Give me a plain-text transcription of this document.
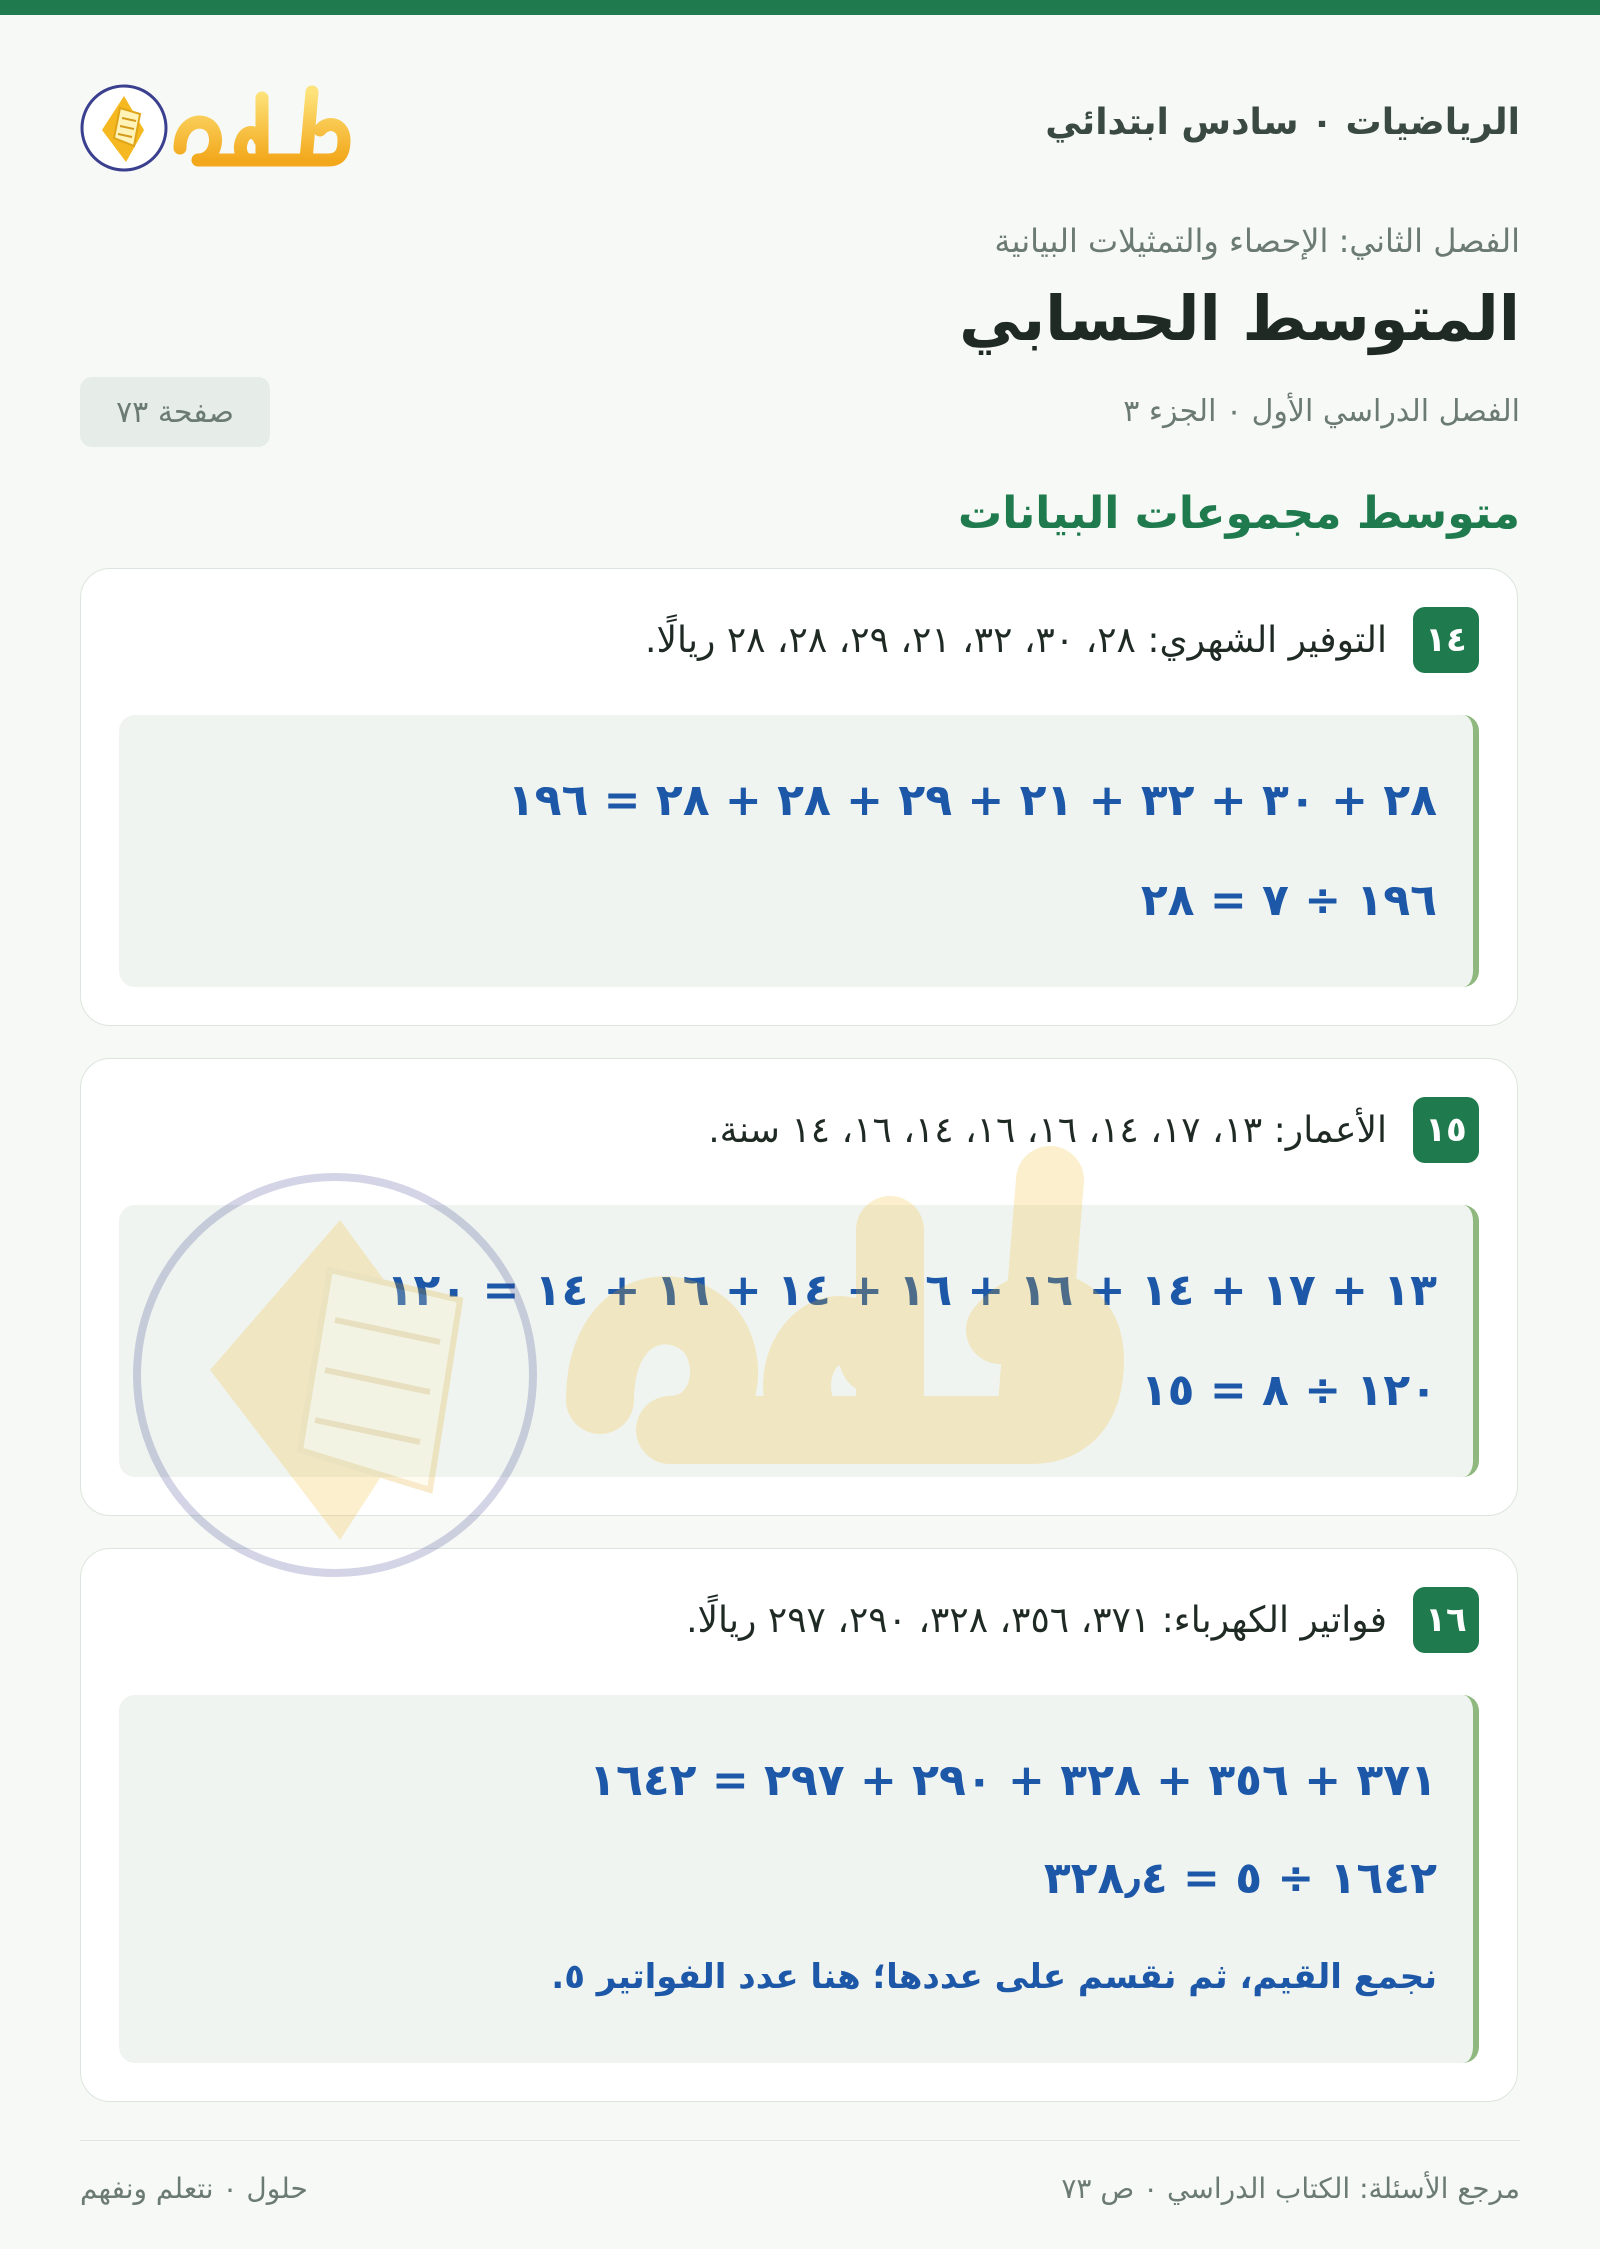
الرياضيات ٠ سادس ابتدائي
الفصل الثاني: الإحصاء والتمثيلات البيانية
المتوسط الحسابي
الفصل الدراسي الأول ٠ الجزء ٣
صفحة ٧٣
متوسط مجموعات البيانات
١٤
التوفير الشهري: ٢٨، ٣٠، ٣٢، ٢١، ٢٩، ٢٨، ٢٨ ريالًا.
٢٨ + ٣٠ + ٣٢ + ٢١ + ٢٩ + ٢٨ + ٢٨ = ١٩٦
١٩٦ ÷ ٧ = ٢٨
١٥
الأعمار: ١٣، ١٧، ١٤، ١٦، ١٦، ١٤، ١٦، ١٤ سنة.
١٣ + ١٧ + ١٤ + ١٦ + ١٦ + ١٤ + ١٦ + ١٤ = ١٢٠
١٢٠ ÷ ٨ = ١٥
١٦
فواتير الكهرباء: ٣٧١، ٣٥٦، ٣٢٨، ٢٩٠، ٢٩٧ ريالًا.
٣٧١ + ٣٥٦ + ٣٢٨ + ٢٩٠ + ٢٩٧ = ١٦٤٢
١٦٤٢ ÷ ٥ = ٣٢٨٫٤
نجمع القيم، ثم نقسم على عددها؛ هنا عدد الفواتير ٥.
مرجع الأسئلة: الكتاب الدراسي ٠ ص ٧٣
حلول ٠ نتعلم ونفهم
